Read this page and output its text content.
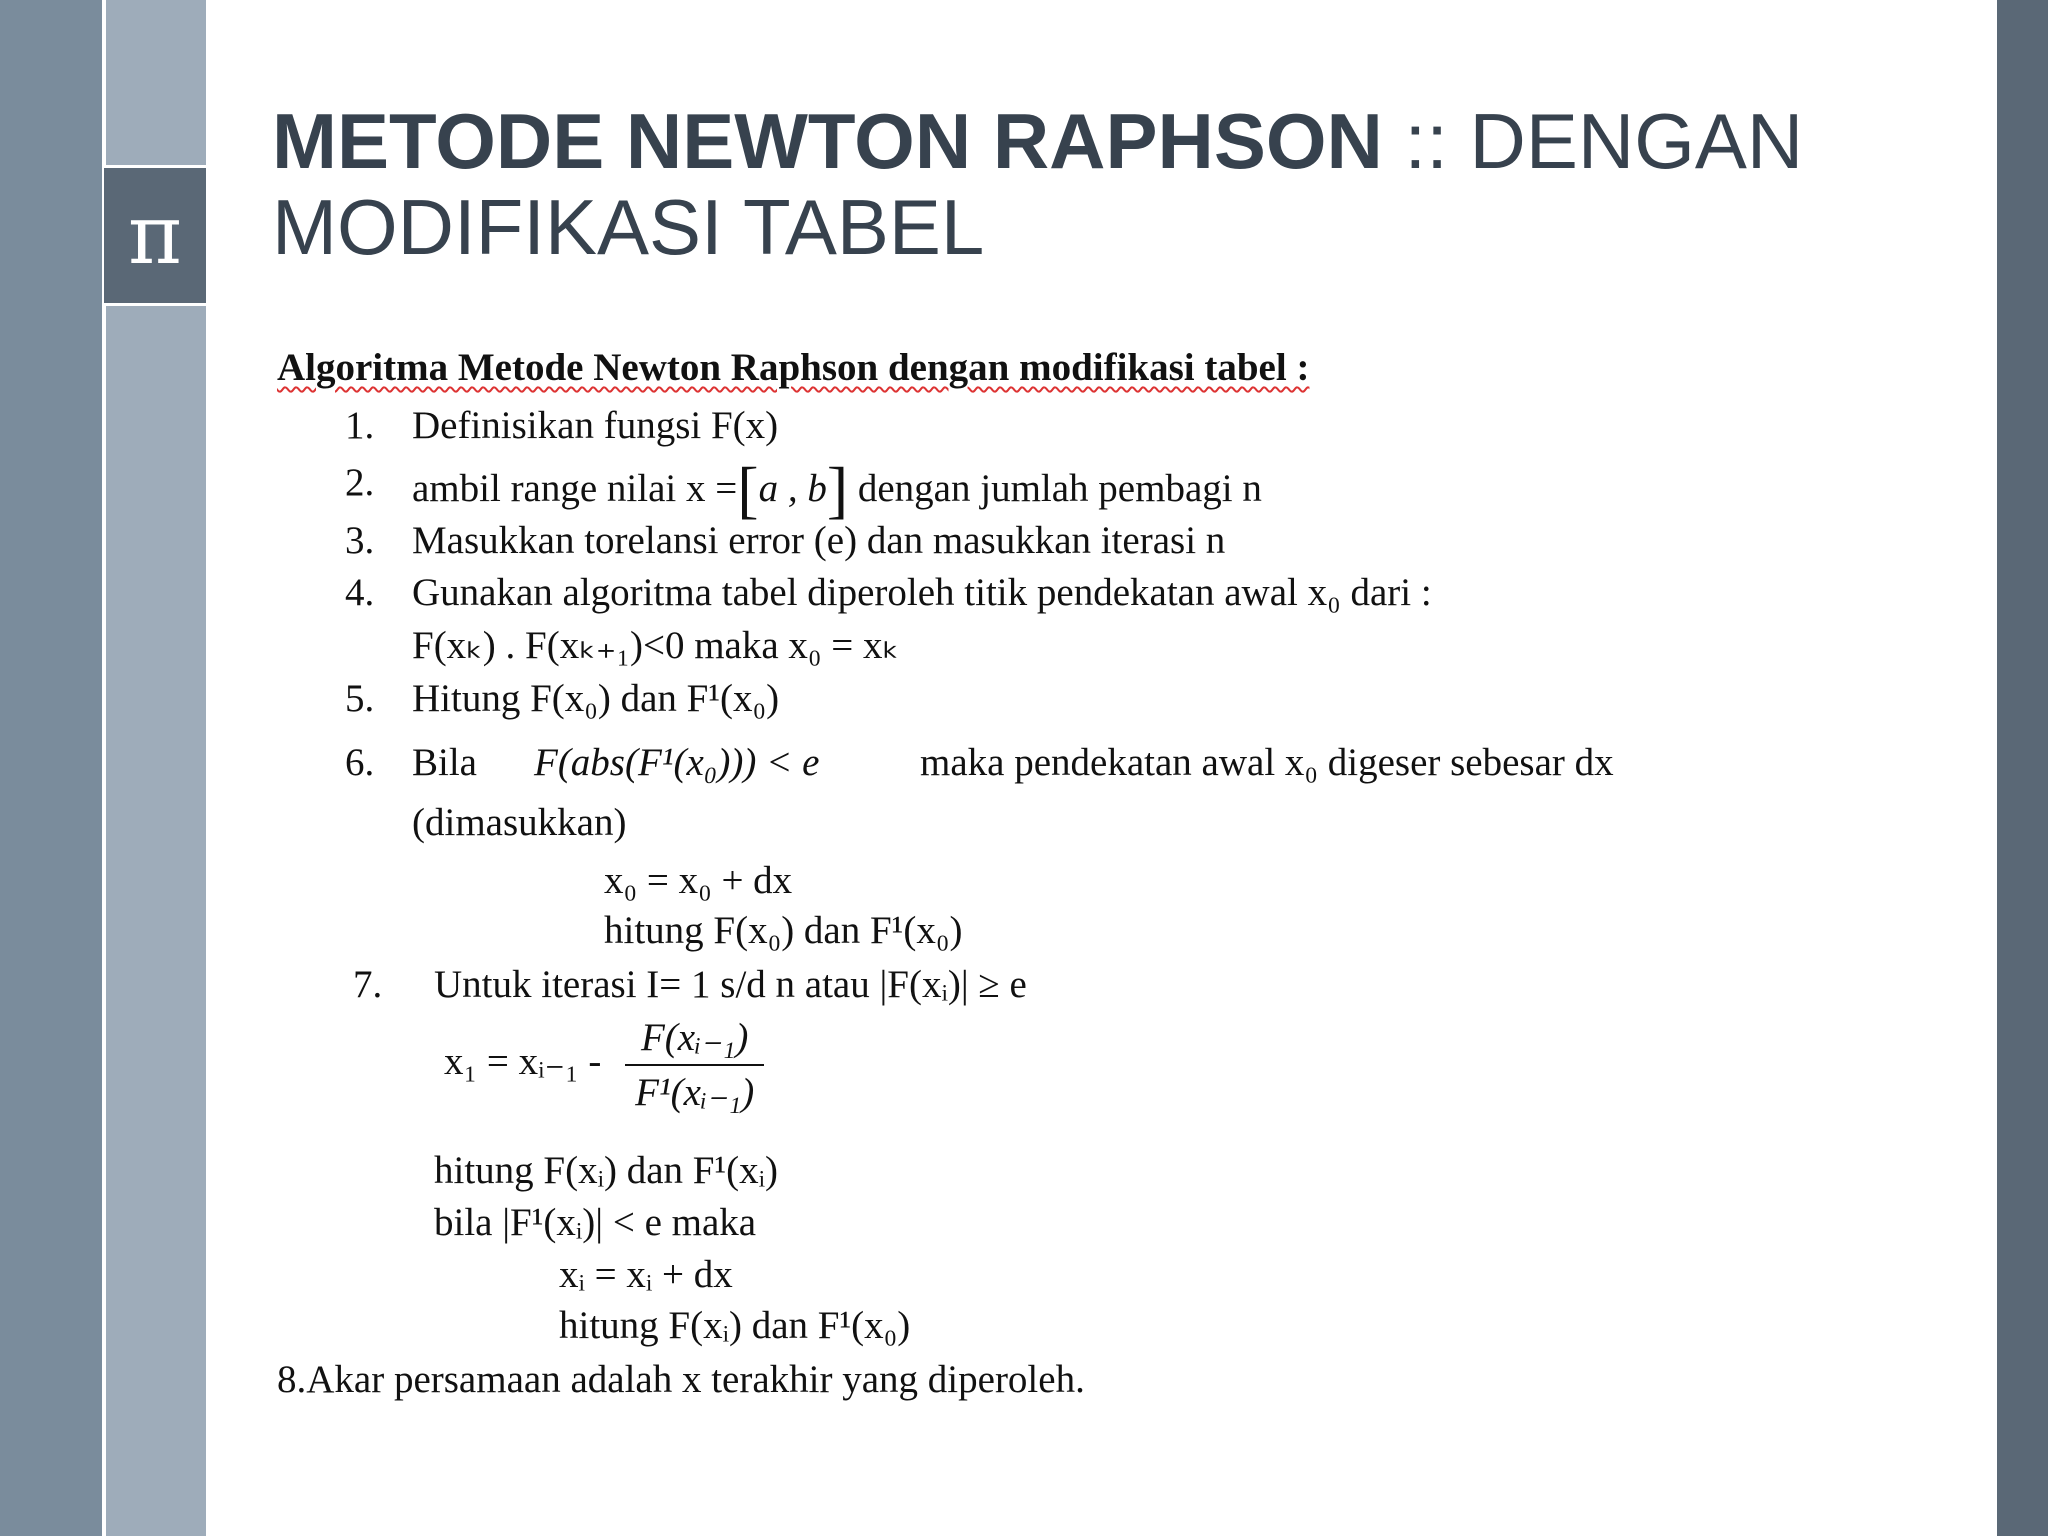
π
METODE NEWTON RAPHSON :: DENGAN MODIFIKASI TABEL
Algoritma Metode Newton Raphson dengan modifikasi tabel :
1. Definisikan fungsi F(x)
2. ambil range nilai x =[a , b] dengan jumlah pembagi n
3. Masukkan torelansi error (e) dan masukkan iterasi n
4. Gunakan algoritma tabel diperoleh titik pendekatan awal x₀ dari :
F(xₖ) . F(xₖ₊₁)<0 maka x₀ = xₖ
5. Hitung F(x₀) dan F¹(x₀)
6. Bila F(abs(F¹(x₀))) < e	maka pendekatan awal x₀ digeser sebesar dx
(dimasukkan)
x₀ = x₀ + dx
hitung F(x₀) dan F¹(x₀)
7. Untuk iterasi I= 1 s/d n atau |F(xᵢ)| ≥ e
x₁ = xᵢ₋₁ - $\frac{\text{F(xᵢ₋₁)}}{\text{F¹(xᵢ₋₁)}}$
hitung F(xᵢ) dan F¹(xᵢ)
bila |F¹(xᵢ)| < e maka
xᵢ = xᵢ + dx
hitung F(xᵢ) dan F¹(x₀)
8.Akar persamaan adalah x terakhir yang diperoleh.
